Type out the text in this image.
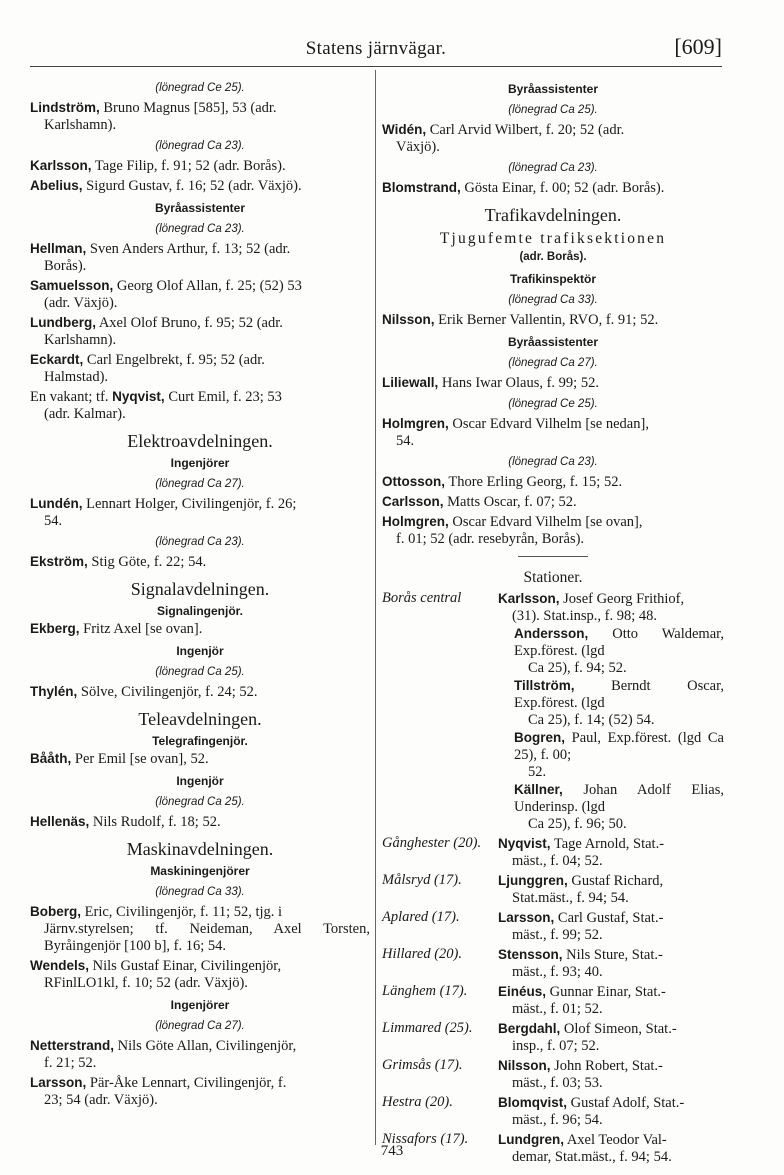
Statens järnvägar.	[609]
(lönegrad Ce 25).
Lindström, Bruno Magnus [585], 53 (adr.
Karlshamn).
(lönegrad Ca 23).
Karlsson, Tage Filip, f. 91; 52 (adr. Borås).
Abelius, Sigurd Gustav, f. 16; 52 (adr. Växjö).
Byråassistenter
(lönegrad Ca 23).
Hellman, Sven Anders Arthur, f. 13; 52 (adr.
Borås).
Samuelsson, Georg Olof Allan, f. 25; (52) 53
(adr. Växjö).
Lundberg, Axel Olof Bruno, f. 95; 52 (adr.
Karlshamn).
Eckardt, Carl Engelbrekt, f. 95; 52 (adr.
Halmstad).
En vakant; tf. Nyqvist, Curt Emil, f. 23; 53
(adr. Kalmar).
Elektroavdelningen.
Ingenjörer
(lönegrad Ca 27).
Lundén, Lennart Holger, Civilingenjör, f. 26;
54.
(lönegrad Ca 23).
Ekström, Stig Göte, f. 22; 54.
Signalavdelningen.
Signalingenjör.
Ekberg, Fritz Axel [se ovan].
Ingenjör
(lönegrad Ca 25).
Thylén, Sölve, Civilingenjör, f. 24; 52.
Teleavdelningen.
Telegrafingenjör.
Bååth, Per Emil [se ovan], 52.
Ingenjör
(lönegrad Ca 25).
Hellenäs, Nils Rudolf, f. 18; 52.
Maskinavdelningen.
Maskiningenjörer
(lönegrad Ca 33).
Boberg, Eric, Civilingenjör, f. 11; 52, tjg. i
Järnv.styrelsen; tf. Neideman, Axel Torsten, Byråingenjör [100 b], f. 16; 54.
Wendels, Nils Gustaf Einar, Civilingenjör,
RFinlLO1kl, f. 10; 52 (adr. Växjö).
Ingenjörer
(lönegrad Ca 27).
Netterstrand, Nils Göte Allan, Civilingenjör,
f. 21; 52.
Larsson, Pär-Åke Lennart, Civilingenjör, f.
23; 54 (adr. Växjö).
Byråassistenter
(lönegrad Ca 25).
Widén, Carl Arvid Wilbert, f. 20; 52 (adr.
Växjö).
(lönegrad Ca 23).
Blomstrand, Gösta Einar, f. 00; 52 (adr. Borås).
Trafikavdelningen.
Tjugufemte trafiksektionen
(adr. Borås).
Trafikinspektör
(lönegrad Ca 33).
Nilsson, Erik Berner Vallentin, RVO, f. 91; 52.
Byråassistenter
(lönegrad Ca 27).
Liliewall, Hans Iwar Olaus, f. 99; 52.
(lönegrad Ce 25).
Holmgren, Oscar Edvard Vilhelm [se nedan],
54.
(lönegrad Ca 23).
Ottosson, Thore Erling Georg, f. 15; 52.
Carlsson, Matts Oscar, f. 07; 52.
Holmgren, Oscar Edvard Vilhelm [se ovan],
f. 01; 52 (adr. resebyrån, Borås).
Stationer.
Borås central	Karlsson, Josef Georg Frithiof,
(31). Stat.insp., f. 98; 48.
Andersson, Otto Waldemar, Exp.förest. (lgd
Ca 25), f. 94; 52.
Tillström,	Berndt Oscar, Exp.förest. (lgd
Ca 25), f. 14; (52) 54.
Bogren, Paul, Exp.förest. (lgd Ca 25), f. 00;
52.
Källner, Johan Adolf Elias, Underinsp. (lgd
Ca 25), f. 96; 50.
Gånghester (20).	Nyqvist, Tage Arnold, Stat.-
mäst., f. 04; 52.
Målsryd (17).	Ljunggren, Gustaf Richard,
Stat.mäst., f. 94; 54.
Aplared (17).	Larsson, Carl Gustaf, Stat.-
mäst., f. 99; 52.
Hillared (20).	Stensson, Nils Sture, Stat.-
mäst., f. 93; 40.
Länghem (17).	Einéus, Gunnar Einar, Stat.-
mäst., f. 01; 52.
Limmared (25).	Bergdahl, Olof Simeon, Stat.-
insp., f. 07; 52.
Grimsås (17).	Nilsson, John Robert, Stat.-
mäst., f. 03; 53.
Hestra (20).	Blomqvist, Gustaf Adolf, Stat.-
mäst., f. 96; 54.
Nissafors (17).	Lundgren, Axel Teodor Val-
demar, Stat.mäst., f. 94; 54.
743
